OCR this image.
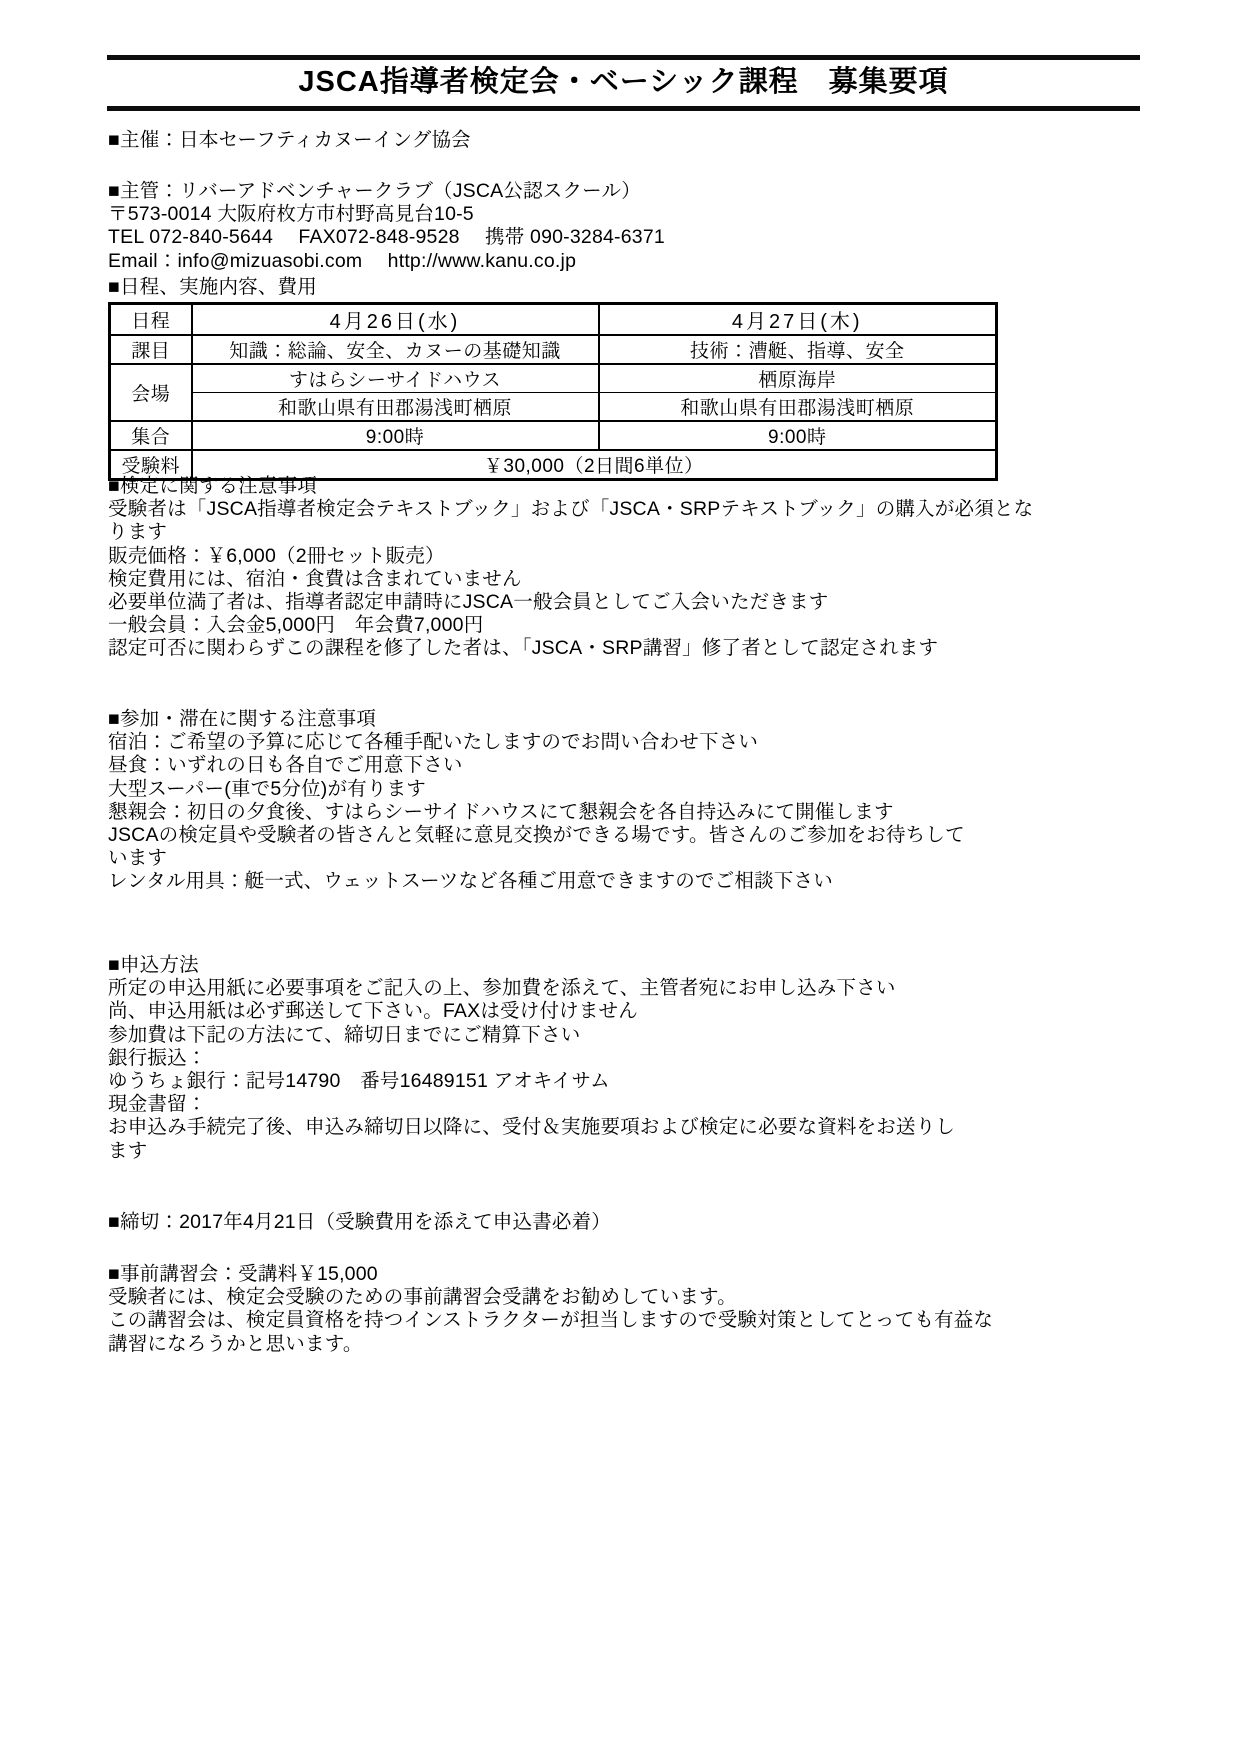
JSCA指導者検定会・ベーシック課程　募集要項
■主催：日本セーフティカヌーイング協会
■主管：リバーアドベンチャークラブ（JSCA公認スクール）
〒573-0014 大阪府枚方市村野高見台10-5
TEL 072-840-5644　 FAX072-848-9528　 携帯 090-3284-6371
Email：info@mizuasobi.com　 http://www.kanu.co.jp
■日程、実施内容、費用
日程	4月26日(水)	4月27日(木)
課目	知識：総論、安全、カヌーの基礎知識	技術：漕艇、指導、安全
会場	すはらシーサイドハウス	栖原海岸
	和歌山県有田郡湯浅町栖原	和歌山県有田郡湯浅町栖原
集合	9:00時	9:00時
受験料	￥30,000（2日間6単位）	
■検定に関する注意事項
受験者は「JSCA指導者検定会テキストブック」および「JSCA・SRPテキストブック」の購入が必須とな
ります
販売価格：￥6,000（2冊セット販売）
検定費用には、宿泊・食費は含まれていません
必要単位満了者は、指導者認定申請時にJSCA一般会員としてご入会いただきます
一般会員：入会金5,000円　年会費7,000円
認定可否に関わらずこの課程を修了した者は、「JSCA・SRP講習」修了者として認定されます
■参加・滞在に関する注意事項
宿泊：ご希望の予算に応じて各種手配いたしますのでお問い合わせ下さい
昼食：いずれの日も各自でご用意下さい
大型スーパー(車で5分位)が有ります
懇親会：初日の夕食後、すはらシーサイドハウスにて懇親会を各自持込みにて開催します
JSCAの検定員や受験者の皆さんと気軽に意見交換ができる場です。皆さんのご参加をお待ちして
います
レンタル用具：艇一式、ウェットスーツなど各種ご用意できますのでご相談下さい
■申込方法
所定の申込用紙に必要事項をご記入の上、参加費を添えて、主管者宛にお申し込み下さい
尚、申込用紙は必ず郵送して下さい。FAXは受け付けません
参加費は下記の方法にて、締切日までにご精算下さい
銀行振込：
ゆうちょ銀行：記号14790　番号16489151 アオキイサム
現金書留：
お申込み手続完了後、申込み締切日以降に、受付＆実施要項および検定に必要な資料をお送りし
ます
■締切：2017年4月21日（受験費用を添えて申込書必着）
■事前講習会：受講料￥15,000
受験者には、検定会受験のための事前講習会受講をお勧めしています。
この講習会は、検定員資格を持つインストラクターが担当しますので受験対策としてとっても有益な
講習になろうかと思います。
